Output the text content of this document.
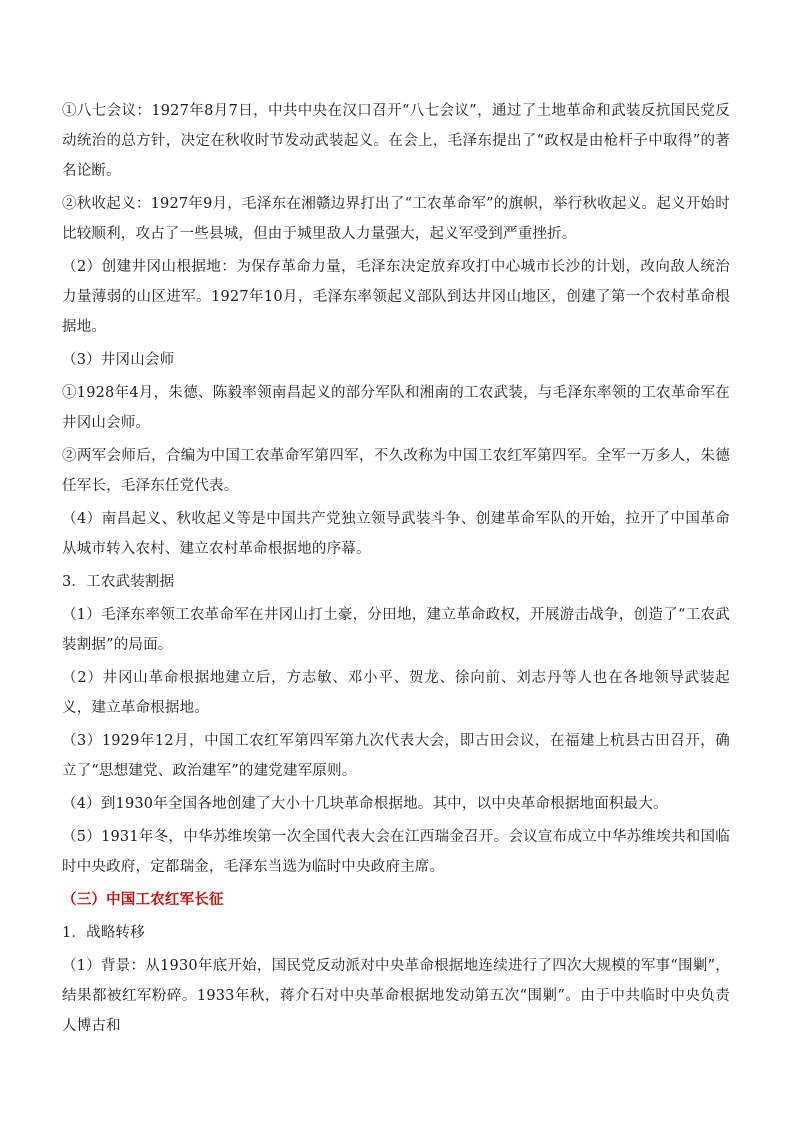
①八七会议：1927年8月7日，中共中央在汉口召开“八七会议”，通过了土地革命和武装反抗国民党反动统治的总方针，决定在秋收时节发动武装起义。在会上，毛泽东提出了“政权是由枪杆子中取得”的著名论断。

②秋收起义：1927年9月，毛泽东在湘赣边界打出了“工农革命军”的旗帜，举行秋收起义。起义开始时比较顺利，攻占了一些县城，但由于城里敌人力量强大，起义军受到严重挫折。

（2）创建井冈山根据地：为保存革命力量，毛泽东决定放弃攻打中心城市长沙的计划，改向敌人统治力量薄弱的山区进军。1927年10月，毛泽东率领起义部队到达井冈山地区，创建了第一个农村革命根据地。

（3）井冈山会师

①1928年4月，朱德、陈毅率领南昌起义的部分军队和湘南的工农武装，与毛泽东率领的工农革命军在井冈山会师。

②两军会师后，合编为中国工农革命军第四军，不久改称为中国工农红军第四军。全军一万多人，朱德任军长，毛泽东任党代表。

（4）南昌起义、秋收起义等是中国共产党独立领导武装斗争、创建革命军队的开始，拉开了中国革命从城市转入农村、建立农村革命根据地的序幕。

3．工农武装割据

（1）毛泽东率领工农革命军在井冈山打土豪，分田地，建立革命政权，开展游击战争，创造了“工农武装割据”的局面。

（2）井冈山革命根据地建立后，方志敏、邓小平、贺龙、徐向前、刘志丹等人也在各地领导武装起义，建立革命根据地。

（3）1929年12月，中国工农红军第四军第九次代表大会，即古田会议，在福建上杭县古田召开，确立了“思想建党、政治建军”的建党建军原则。

（4）到1930年全国各地创建了大小十几块革命根据地。其中，以中央革命根据地面积最大。

（5）1931年冬，中华苏维埃第一次全国代表大会在江西瑞金召开。会议宣布成立中华苏维埃共和国临时中央政府，定都瑞金，毛泽东当选为临时中央政府主席。

（三）中国工农红军长征

1．战略转移

（1）背景：从1930年底开始，国民党反动派对中央革命根据地连续进行了四次大规模的军事“围剿”，结果都被红军粉碎。1933年秋，蒋介石对中央革命根据地发动第五次“围剿”。由于中共临时中央负责人博古和
